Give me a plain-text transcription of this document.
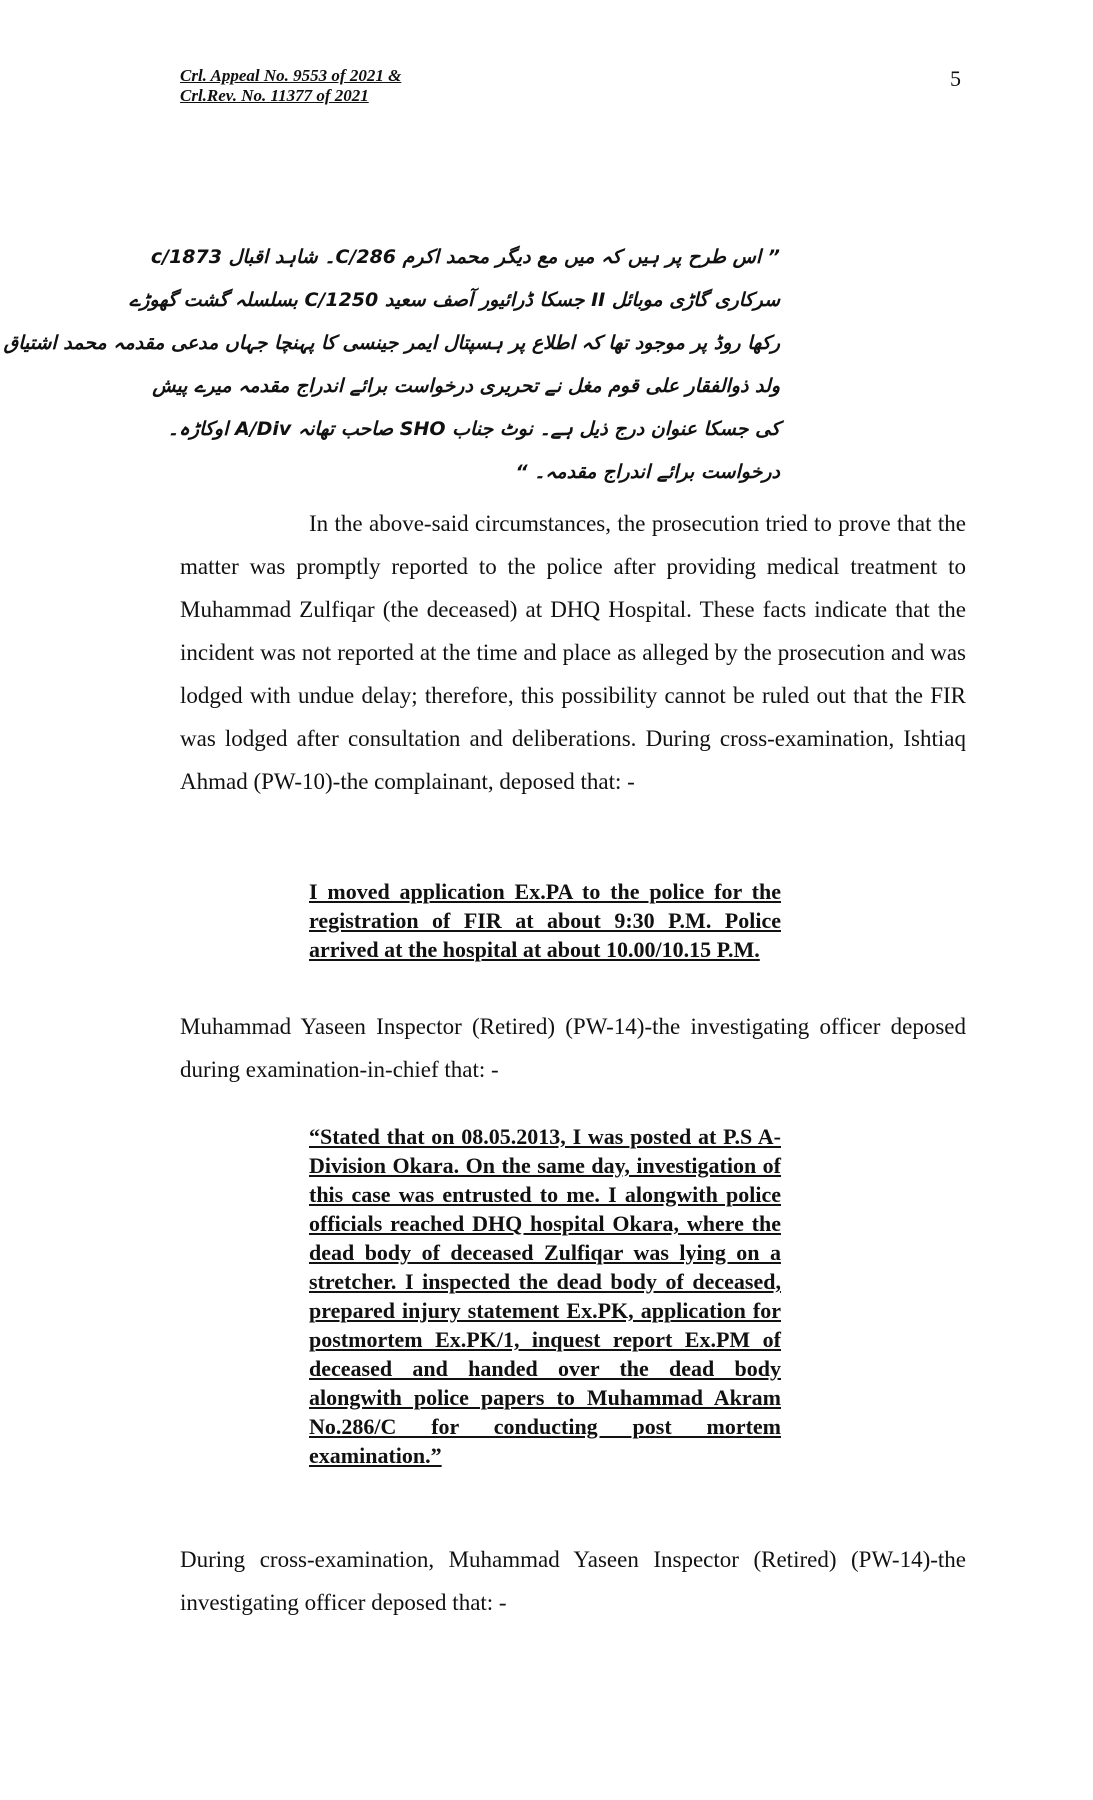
Crl. Appeal No. 9553 of 2021 &
Crl.Rev. No. 11377 of 2021
5

” اس طرح پر ہیں کہ میں مع دیگر محمد اکرم 286/C۔ شاہد اقبال 1873/c

سرکاری گاڑی موبائل II جسکا ڈرائیور آصف سعید 1250/C بسلسلہ گشت گھوڑے

رکھا روڈ پر موجود تھا کہ اطلاع پر ہسپتال ایمر جینسی کا پہنچا جہاں مدعی مقدمہ محمد اشتیاق

ولد ذوالفقار علی قوم مغل نے تحریری درخواست برائے اندراج مقدمہ میرے پیش

کی جسکا عنوان درج ذیل ہے۔ نوٹ جناب SHO صاحب تھانہ A/Div اوکاڑہ۔

درخواست برائے اندراج مقدمہ۔ “

In the above-said circumstances, the prosecution tried to prove that the matter was promptly reported to the police after providing medical treatment to Muhammad Zulfiqar (the deceased) at DHQ Hospital. These facts indicate that the incident was not reported at the time and place as alleged by the prosecution and was lodged with undue delay; therefore, this possibility cannot be ruled out that the FIR was lodged after consultation and deliberations. During cross-examination, Ishtiaq Ahmad (PW-10)-the complainant, deposed that: -

I moved application Ex.PA to the police for the registration of FIR at about 9:30 P.M. Police arrived at the hospital at about 10.00/10.15 P.M.

Muhammad Yaseen Inspector (Retired) (PW-14)-the investigating officer deposed during examination-in-chief that: -

“Stated that on 08.05.2013, I was posted at P.S A-Division Okara. On the same day, investigation of this case was entrusted to me. I alongwith police officials reached DHQ hospital Okara, where the dead body of deceased Zulfiqar was lying on a stretcher. I inspected the dead body of deceased, prepared injury statement Ex.PK, application for postmortem Ex.PK/1, inquest report Ex.PM of deceased and handed over the dead body alongwith police papers to Muhammad Akram No.286/C for conducting post mortem examination.”

During cross-examination, Muhammad Yaseen Inspector (Retired) (PW-14)-the investigating officer deposed that: -
